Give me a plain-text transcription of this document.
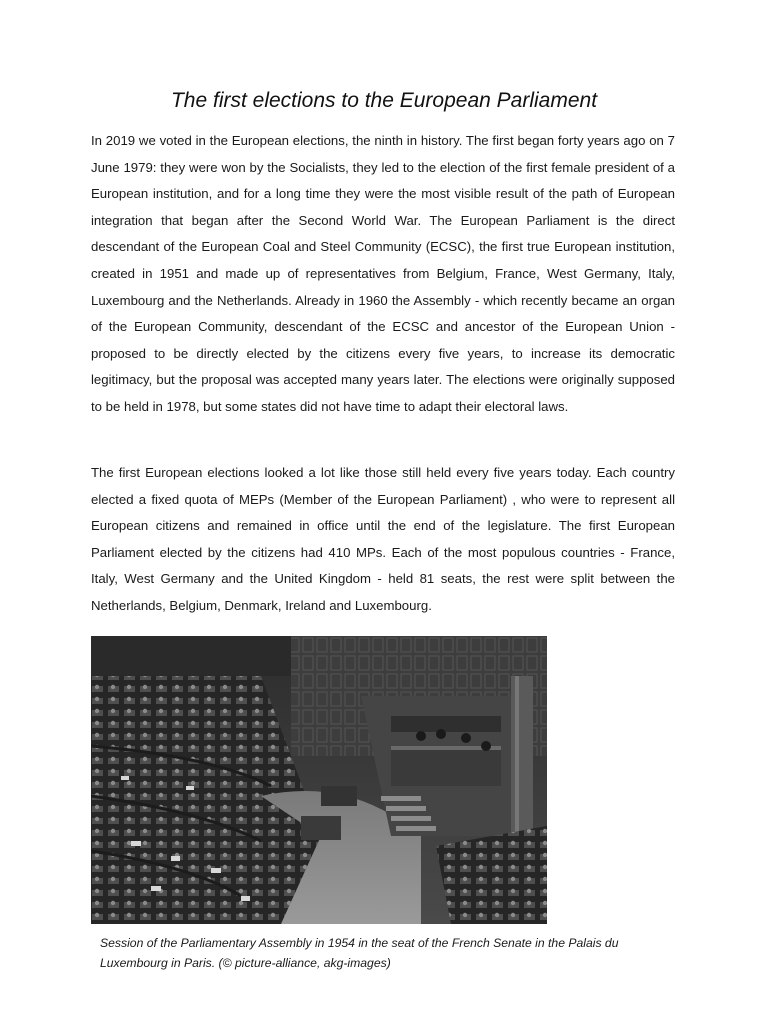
The first elections to the European Parliament

In 2019 we voted in the European elections, the ninth in history. The first began forty years ago on 7 June 1979: they were won by the Socialists, they led to the election of the first female president of a European institution, and for a long time they were the most visible result of the path of European integration that began after the Second World War. The European Parliament is the direct descendant of the European Coal and Steel Community (ECSC), the first true European institution, created in 1951 and made up of representatives from Belgium, France, West Germany, Italy, Luxembourg and the Netherlands. Already in 1960 the Assembly - which recently became an organ of the European Community, descendant of the ECSC and ancestor of the European Union - proposed to be directly elected by the citizens every five years, to increase its democratic legitimacy, but the proposal was accepted many years later. The elections were originally supposed to be held in 1978, but some states did not have time to adapt their electoral laws.

The first European elections looked a lot like those still held every five years today. Each country elected a fixed quota of MEPs (Member of the European Parliament) , who were to represent all European citizens and remained in office until the end of the legislature. The first European Parliament elected by the citizens had 410 MPs. Each of the most populous countries - France, Italy, West Germany and the United Kingdom - held 81 seats, the rest were split between the Netherlands, Belgium, Denmark, Ireland and Luxembourg.

Session of the Parliamentary Assembly in 1954 in the seat of the French Senate in the Palais du Luxembourg in Paris. (© picture-alliance, akg-images)
